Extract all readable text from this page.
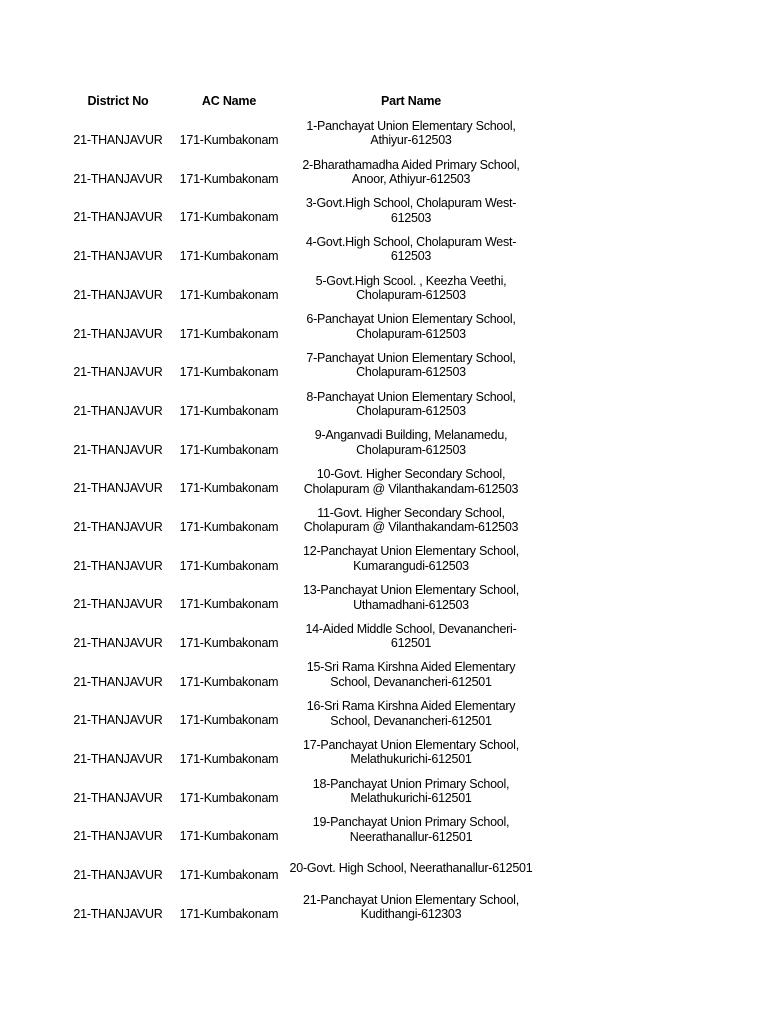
District No	AC Name	Part Name
21-THANJAVUR	171-Kumbakonam	1-Panchayat Union Elementary School, Athiyur-612503
21-THANJAVUR	171-Kumbakonam	2-Bharathamadha Aided Primary School, Anoor, Athiyur-612503
21-THANJAVUR	171-Kumbakonam	3-Govt.High School, Cholapuram West-612503
21-THANJAVUR	171-Kumbakonam	4-Govt.High School, Cholapuram West-612503
21-THANJAVUR	171-Kumbakonam	5-Govt.High Scool. , Keezha Veethi, Cholapuram-612503
21-THANJAVUR	171-Kumbakonam	6-Panchayat Union Elementary School, Cholapuram-612503
21-THANJAVUR	171-Kumbakonam	7-Panchayat Union Elementary School, Cholapuram-612503
21-THANJAVUR	171-Kumbakonam	8-Panchayat Union Elementary School, Cholapuram-612503
21-THANJAVUR	171-Kumbakonam	9-Anganvadi Building, Melanamedu, Cholapuram-612503
21-THANJAVUR	171-Kumbakonam	10-Govt. Higher Secondary School, Cholapuram @ Vilanthakandam-612503
21-THANJAVUR	171-Kumbakonam	11-Govt. Higher Secondary School, Cholapuram @ Vilanthakandam-612503
21-THANJAVUR	171-Kumbakonam	12-Panchayat Union Elementary School, Kumarangudi-612503
21-THANJAVUR	171-Kumbakonam	13-Panchayat Union Elementary School, Uthamadhani-612503
21-THANJAVUR	171-Kumbakonam	14-Aided Middle School, Devanancheri-612501
21-THANJAVUR	171-Kumbakonam	15-Sri Rama Kirshna Aided Elementary School, Devanancheri-612501
21-THANJAVUR	171-Kumbakonam	16-Sri Rama Kirshna Aided Elementary School, Devanancheri-612501
21-THANJAVUR	171-Kumbakonam	17-Panchayat Union Elementary School, Melathukurichi-612501
21-THANJAVUR	171-Kumbakonam	18-Panchayat Union Primary School, Melathukurichi-612501
21-THANJAVUR	171-Kumbakonam	19-Panchayat Union Primary School, Neerathanallur-612501
21-THANJAVUR	171-Kumbakonam	20-Govt. High School, Neerathanallur-612501
21-THANJAVUR	171-Kumbakonam	21-Panchayat Union Elementary School, Kudithangi-612303
